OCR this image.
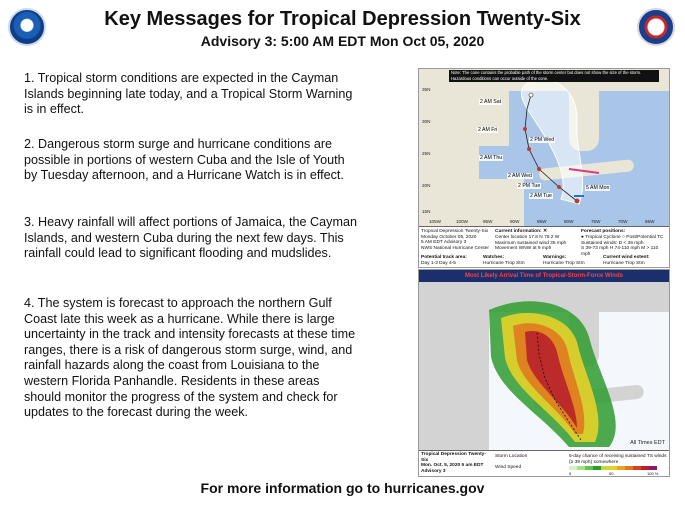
Key Messages for Tropical Depression Twenty-Six
Advisory 3: 5:00 AM EDT Mon Oct 05, 2020

1. Tropical storm conditions are expected in the Cayman Islands beginning late today, and a Tropical Storm Warning is in effect.

2. Dangerous storm surge and hurricane conditions are possible in portions of western Cuba and the Isle of Youth by Tuesday afternoon, and a Hurricane Watch is in effect.

3. Heavy rainfall will affect portions of Jamaica, the Cayman Islands, and western Cuba during the next few days. This rainfall could lead to significant flooding and mudslides.

4. The system is forecast to approach the northern Gulf Coast late this week as a hurricane. While there is large uncertainty in the track and intensity forecasts at these time ranges, there is a risk of dangerous storm surge, wind, and rainfall hazards along the coast from Louisiana to the western Florida Panhandle. Residents in these areas should monitor the progress of the system and check for updates to the forecast during the week.

Note: The cone contains the probable path of the storm center but does not show the size of the storm. Hazardous conditions can occur outside of the cone.
35N
30N
25N
20N
15N
105W	100W	95W	90W	85W	80W	75W	70W	65W
2 AM Sat
2 AM Fri
2 PM Wed
2 AM Thu
2 AM Wed
2 PM Tue
2 AM Tue
5 AM Mon
Tropical Depression Twenty-Six
Monday October 05, 2020
5 AM EDT Advisory 3
NWS National Hurricane Center
Current information: ✕
Center location 17.8 N 78.2 W
Maximum sustained wind 35 mph
Movement WNW at 9 mph
Forecast positions:
● Tropical Cyclone ○ Post/Potential TC
Sustained winds: D < 39 mph
S 39-73 mph H 74-110 mph M > 110 mph
Potential track area:
Day 1-3 Day 4-5
Watches:
Hurricane Trop Stm
Warnings:
Hurricane Trop Stm
Current wind extent:
Hurricane Trop Stm
Most Likely Arrival Time of Tropical-Storm-Force Winds
All Times EDT
Tropical Depression Twenty-Six
Mon. Oct. 5, 2020 5 am EDT
Advisory 3
Storm Location
Wind Speed
5-day chance of receiving sustained TS winds (≥ 39 mph) somewhere
5	50	100 %
For more information go to hurricanes.gov
